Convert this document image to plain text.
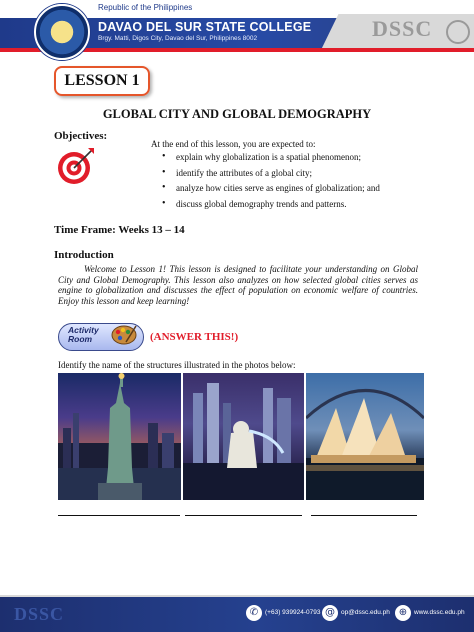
Republic of the Philippines
DAVAO DEL SUR STATE COLLEGE
Brgy. Matti, Digos City, Davao del Sur, Philippines 8002	DSSC
LESSON 1
GLOBAL CITY AND GLOBAL DEMOGRAPHY
Objectives:
At the end of this lesson, you are expected to:
• explain why globalization is a spatial phenomenon;
• identify the attributes of a global city;
• analyze how cities serve as engines of globalization; and
• discuss global demography trends and patterns.
Time Frame: Weeks 13 – 14
Introduction
Welcome to Lesson 1! This lesson is designed to facilitate your understanding on Global City and Global Demography. This lesson also analyzes on how selected global cities serves as engine to globalization and discusses the effect of population on economic welfare of countries. Enjoy this lesson and keep learning!
Activity
Room	(ANSWER THIS!)
Identify the name of the structures illustrated in the photos below:
DSSC	✆	(+63) 939924-0793 @ op@dssc.edu.ph ⊕	www.dssc.edu.ph
